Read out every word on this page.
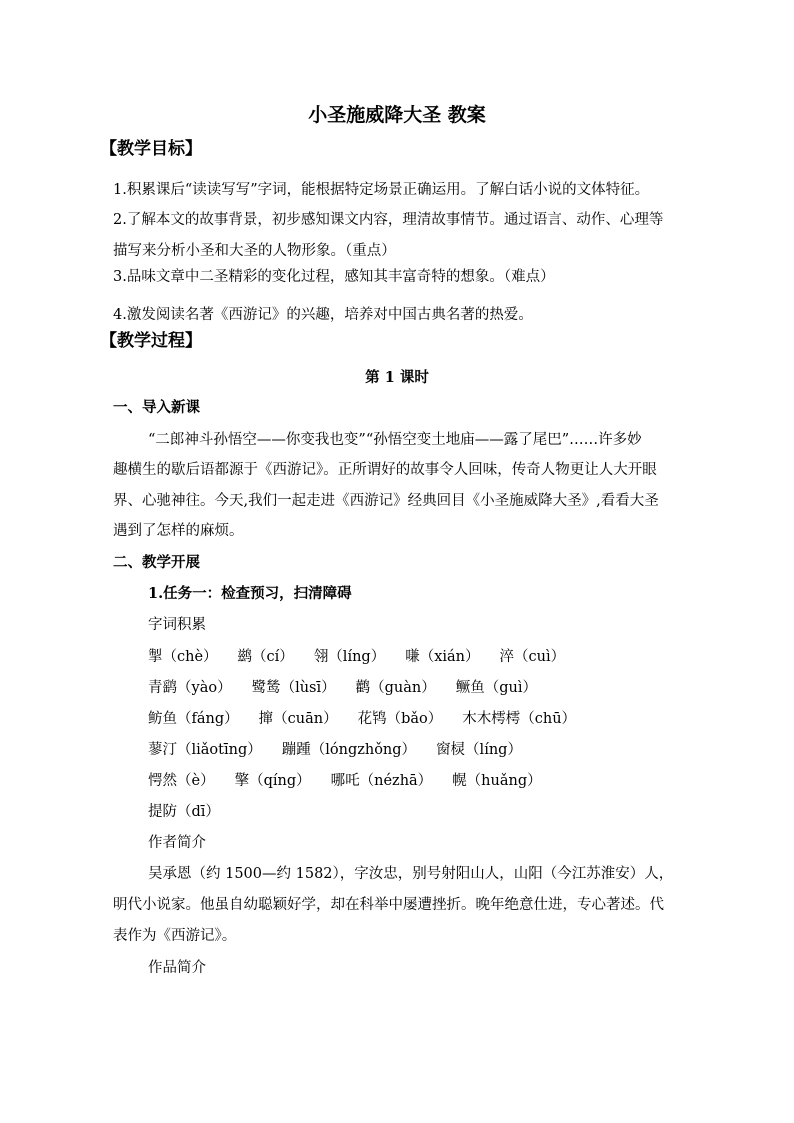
小圣施威降大圣 教案
【教学目标】
1.积累课后“读读写写”字词，能根据特定场景正确运用。了解白话小说的文体特征。
2.了解本文的故事背景，初步感知课文内容，理清故事情节。通过语言、动作、心理等
描写来分析小圣和大圣的人物形象。（重点）
3.品味文章中二圣精彩的变化过程，感知其丰富奇特的想象。（难点）
4.激发阅读名著《西游记》的兴趣，培养对中国古典名著的热爱。
【教学过程】
第 1 课时
一、导入新课
“二郎神斗孙悟空——你变我也变”“孙悟空变土地庙——露了尾巴”……许多妙
趣横生的歇后语都源于《西游记》。正所谓好的故事令人回味，传奇人物更让人大开眼
界、心驰神往。今天,我们一起走进《西游记》经典回目《小圣施威降大圣》,看看大圣
遇到了怎样的麻烦。
二、教学开展
1.任务一：检查预习，扫清障碍
字词积累
掣（chè） 鹚（cí） 翎（líng） 嗛（xián） 淬（cuì）
青鹞（yào） 鹭鸶（lùsī） 鹳（guàn） 鳜鱼（guì）
鲂鱼（fáng） 撺（cuān） 花鸨（bǎo） 木木樗樗（chū）
蓼汀（liǎotīng） 蹦踵（lóngzhǒng） 窗棂（líng）
愕然（è） 擎（qíng） 哪吒（nézhā） 幌（huǎng）
提防（dī）
作者简介
吴承恩（约 1500—约 1582），字汝忠，别号射阳山人，山阳（今江苏淮安）人，
明代小说家。他虽自幼聪颖好学，却在科举中屡遭挫折。晚年绝意仕进，专心著述。代
表作为《西游记》。
作品简介
